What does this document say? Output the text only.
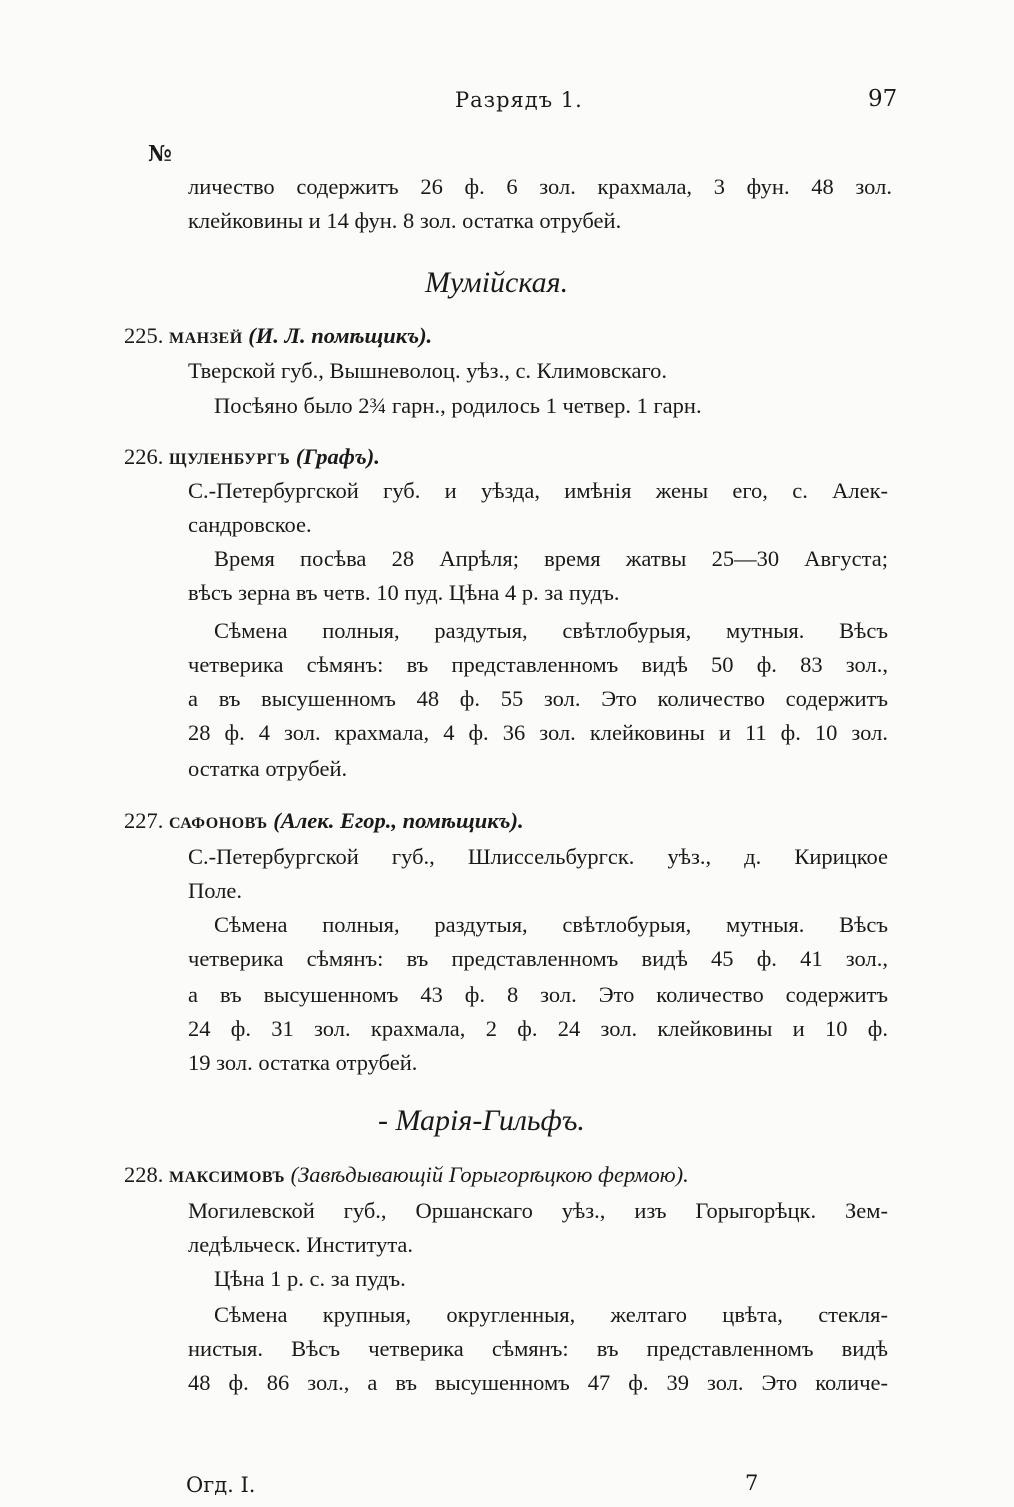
Разрядъ 1.	97
№
личество содержитъ 26 ф. 6 зол. крахмала, 3 фун. 48 зол.
клейковины и 14 фун. 8 зол. остатка отрубей.
Мумійская.
225. манзей (И. Л. помѣщикъ).
Тверской губ., Вышневолоц. уѣз., с. Климовскаго.
Посѣяно было 2¾ гарн., родилось 1 четвер. 1 гарн.
226. щуленбургъ (Графъ).
С.-Петербургской губ. и уѣзда, имѣнія жены его, с. Алек-
сандровское.
Время посѣва 28 Апрѣля; время жатвы 25—30 Августа;
вѣсъ зерна въ четв. 10 пуд. Цѣна 4 р. за пудъ.
Сѣмена полныя, раздутыя, свѣтлобурыя, мутныя. Вѣсъ
четверика сѣмянъ: въ представленномъ видѣ 50 ф. 83 зол.,
а въ высушенномъ 48 ф. 55 зол. Это количество содержитъ
28 ф. 4 зол. крахмала, 4 ф. 36 зол. клейковины и 11 ф. 10 зол.
остатка отрубей.
227. сафоновъ (Алек. Егор., помѣщикъ).
С.-Петербургской губ., Шлиссельбургск. уѣз., д. Кирицкое
Поле.
Сѣмена полныя, раздутыя, свѣтлобурыя, мутныя. Вѣсъ
четверика сѣмянъ: въ представленномъ видѣ 45 ф. 41 зол.,
а въ высушенномъ 43 ф. 8 зол. Это количество содержитъ
24 ф. 31 зол. крахмала, 2 ф. 24 зол. клейковины и 10 ф.
19 зол. остатка отрубей.
- Марія-Гильфъ.
228. максимовъ (Завѣдывающій Горыгорѣцкою фермою).
Могилевской губ., Оршанскаго уѣз., изъ Горыгорѣцк. Зем-
ледѣльческ. Института.
Цѣна 1 р. с. за пудъ.
Сѣмена крупныя, округленныя, желтаго цвѣта, стекля-
нистыя. Вѣсъ четверика сѣмянъ: въ представленномъ видѣ
48 ф. 86 зол., а въ высушенномъ 47 ф. 39 зол. Это количе-
Огд. I.	7
